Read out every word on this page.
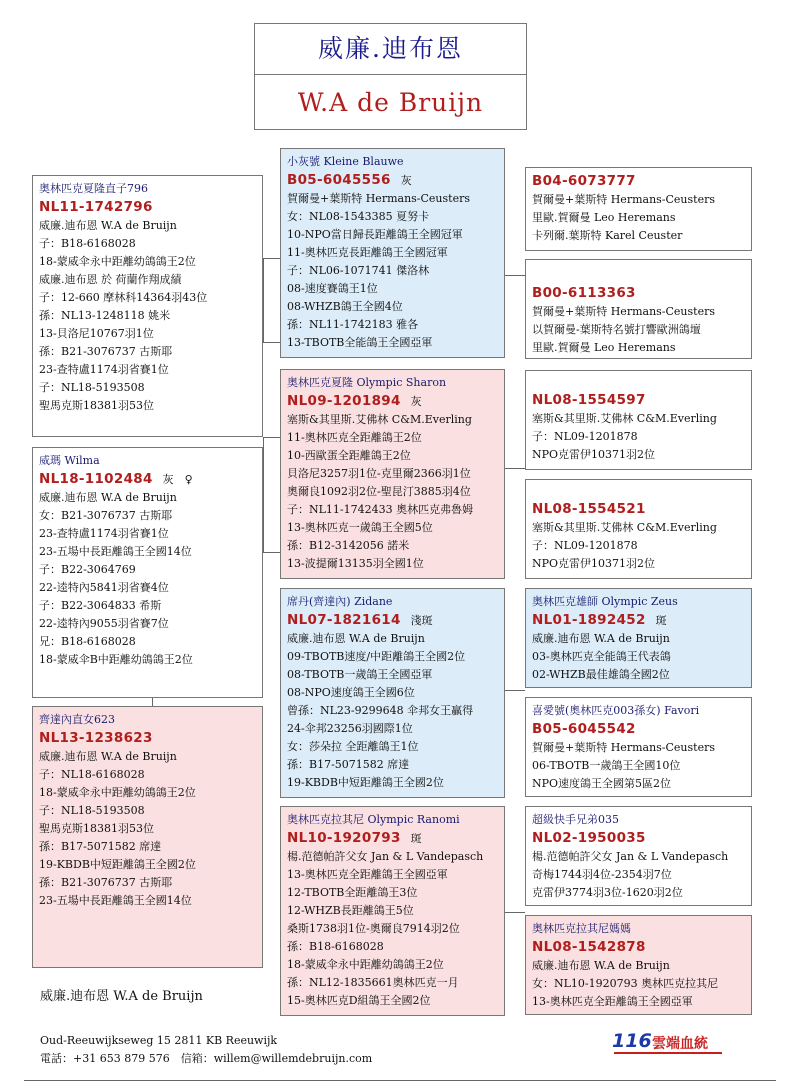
威廉.迪布恩
W.A de Bruijn
奥林匹克夏隆直子796
NL11-1742796
威廉.迪布恩 W.A de Bruijn
子：B18-6168028
18-蒙威伞永中距離幼鴿鴿王2位
威廉.迪布恩 於 荷蘭作翔成績
子：12-660 摩林科14364羽43位
孫：NL13-1248118 姚米
13-貝洛尼10767羽1位
孫：B21-3076737 古斯耶
23-查特盧1174羽省賽1位
子：NL18-5193508
聖馬克斯18381羽53位
威瑪 Wilma
NL18-1102484 灰　♀
威廉.迪布恩 W.A de Bruijn
女：B21-3076737 古斯耶
23-查特盧1174羽省賽1位
23-五場中長距離鴿王全國14位
子：B22-3064769
22-逵特內5841羽省賽4位
子：B22-3064833 希斯
22-逵特內9055羽省賽7位
兄：B18-6168028
18-蒙威伞B中距離幼鴿鴿王2位
齊達內直女623
NL13-1238623
威廉.迪布恩 W.A de Bruijn
子：NL18-6168028
18-蒙威伞永中距離幼鴿鴿王2位
子：NL18-5193508
聖馬克斯18381羽53位
孫：B17-5071582 席達
19-KBDB中短距離鴿王全國2位
孫：B21-3076737 古斯耶
23-五場中長距離鴿王全國14位
小灰號 Kleine Blauwe
B05-6045556 灰
賀爾曼+葉斯特 Hermans-Ceusters
女：NL08-1543385 夏努卡
10-NPO當日歸長距離鴿王全國冠軍
11-奧林匹克長距離鴿王全國冠軍
子：NL06-1071741 傑洛林
08-速度賽鴿王1位
08-WHZB鴿王全國4位
孫：NL11-1742183 雅各
13-TBOTB全能鴿王全國亞軍
奥林匹克夏隆 Olympic Sharon
NL09-1201894 灰
塞斯&其里斯.艾佛林 C&M.Everling
11-奧林匹克全距離鴿王2位
10-西歐蛋全距離鴿王2位
貝洛尼3257羽1位-克里爾2366羽1位
奧爾良1092羽2位-聖昆汀3885羽4位
子：NL11-1742433 奧林匹克弗魯姆
13-奧林匹克一歲鴿王全國5位
孫：B12-3142056 諾米
13-波提爾13135羽全國1位
席丹(齊達內) Zidane
NL07-1821614 淺斑
威廉.迪布恩 W.A de Bruijn
09-TBOTB速度/中距離鴿王全國2位
08-TBOTB一歲鴿王全國亞軍
08-NPO速度鴿王全國6位
曾孫：NL23-9299648 伞邦女王贏得
24-伞邦23256羽國際1位
女：莎朵拉 全距離鴿王1位
孫：B17-5071582 席達
19-KBDB中短距離鴿王全國2位
奥林匹克拉其尼 Olympic Ranomi
NL10-1920793 斑
楊.范德帕許父女 Jan & L Vandepasch
13-奧林匹克全距離鴿王全國亞軍
12-TBOTB全距離鴿王3位
12-WHZB長距離鴿王5位
桑斯1738羽1位-奧爾良7914羽2位
孫：B18-6168028
18-蒙威伞永中距離幼鴿鴿王2位
孫：NL12-1835661奧林匹克一月
15-奧林匹克D組鴿王全國2位
B04-6073777
賀爾曼+葉斯特 Hermans-Ceusters
里歐.賀爾曼 Leo Heremans
卡列爾.葉斯特 Karel Ceuster
B00-6113363
賀爾曼+葉斯特 Hermans-Ceusters
以賀爾曼-葉斯特名號打響歐洲鴿壇
里歐.賀爾曼 Leo Heremans
NL08-1554597
塞斯&其里斯.艾佛林 C&M.Everling
子：NL09-1201878
NPO克雷伊10371羽2位
NL08-1554521
塞斯&其里斯.艾佛林 C&M.Everling
子：NL09-1201878
NPO克雷伊10371羽2位
奥林匹克雄師 Olympic Zeus
NL01-1892452 斑
威廉.迪布恩 W.A de Bruijn
03-奧林匹克全能鴿王代表鴿
02-WHZB最佳雄鴿全國2位
喜愛號(奧林匹克003孫女) Favori
B05-6045542
賀爾曼+葉斯特 Hermans-Ceusters
06-TBOTB一歲鴿王全國10位
NPO速度鴿王全國第5區2位
超級快手兄弟035
NL02-1950035
楊.范德帕許父女 Jan & L Vandepasch
奇梅1744羽4位-2354羽7位
克雷伊3774羽3位-1620羽2位
奥林匹克拉其尼媽媽
NL08-1542878
威廉.迪布恩 W.A de Bruijn
女：NL10-1920793 奧林匹克拉其尼
13-奧林匹克全距離鴿王全國亞軍
威廉.迪布恩 W.A de Bruijn
Oud-Reeuwijkseweg 15 2811 KB Reeuwijk
電話：+31 653 879 576　信箱：willem@willemdebruijn.com
116 雲端血統
